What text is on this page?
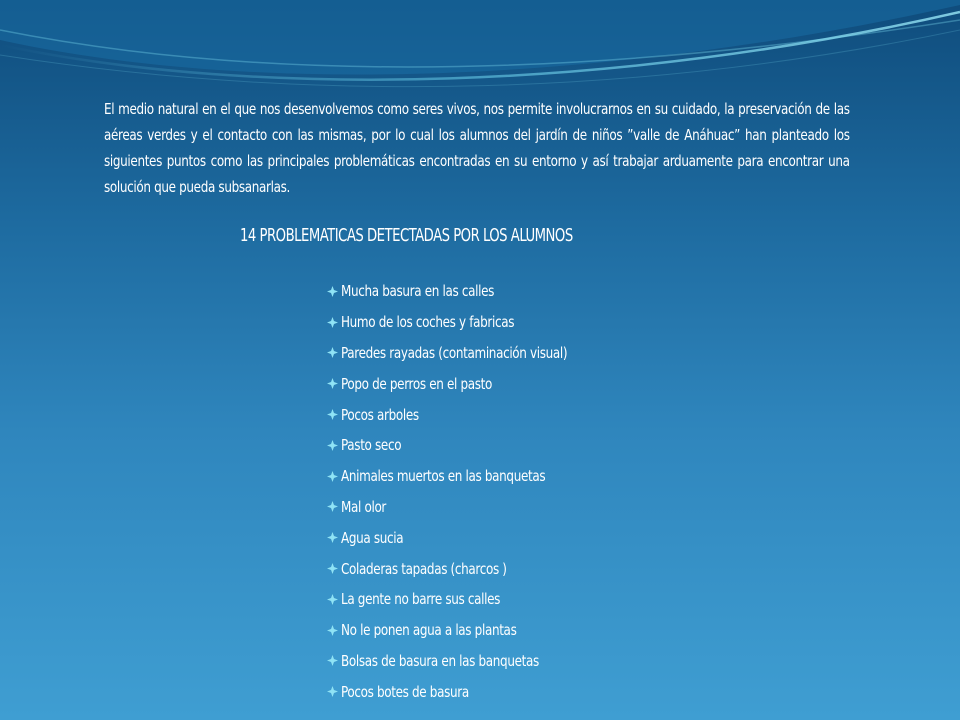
El medio natural en el que nos desenvolvemos como seres vivos, nos permite involucrarnos en su cuidado, la preservación de las aéreas verdes y el contacto con las mismas, por lo cual los alumnos del jardín de niños ”valle de Anáhuac” han planteado los siguientes puntos como las principales problemáticas encontradas en su entorno y así trabajar arduamente para encontrar una solución que pueda subsanarlas.
14 PROBLEMATICAS DETECTADAS POR LOS ALUMNOS
Mucha basura en las calles
Humo de los coches y fabricas
Paredes rayadas (contaminación visual)
Popo de perros en el pasto
Pocos arboles
Pasto seco
Animales muertos en las banquetas
Mal olor
Agua sucia
Coladeras tapadas (charcos )
La gente no barre sus calles
No le ponen agua a las plantas
Bolsas de basura en las banquetas
Pocos botes de basura
